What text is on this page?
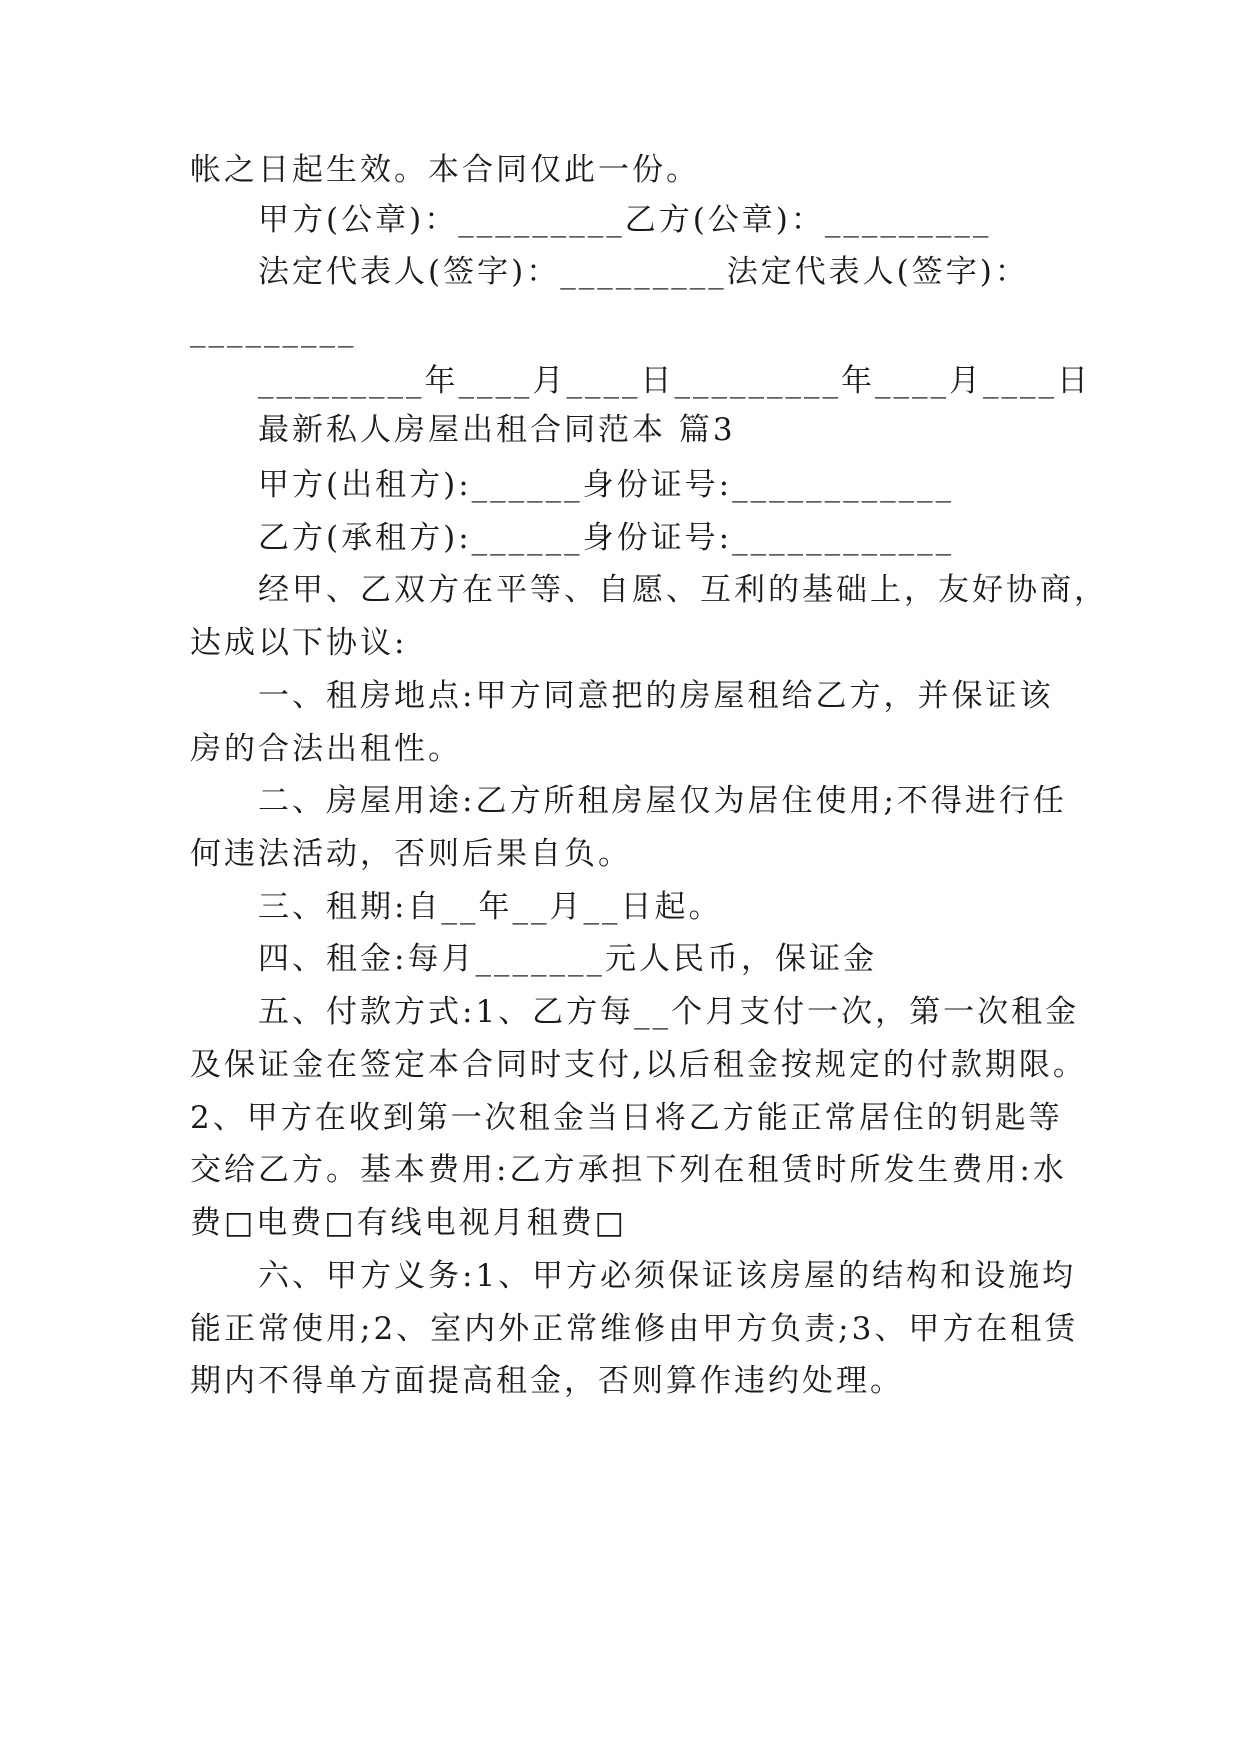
帐之日起生效。本合同仅此一份。
甲方(公章)：_________乙方(公章)：_________
法定代表人(签字)：_________法定代表人(签字)：
_________
_________年____月____日_________年____月____日
最新私人房屋出租合同范本 篇3
甲方(出租方):______身份证号:____________
乙方(承租方):______身份证号:____________
经甲、乙双方在平等、自愿、互利的基础上，友好协商，
达成以下协议:
一、租房地点:甲方同意把的房屋租给乙方，并保证该
房的合法出租性。
二、房屋用途:乙方所租房屋仅为居住使用;不得进行任
何违法活动，否则后果自负。
三、租期:自__年__月__日起。
四、租金:每月_______元人民币，保证金
五、付款方式:1、乙方每__个月支付一次，第一次租金
及保证金在签定本合同时支付,以后租金按规定的付款期限。
2、甲方在收到第一次租金当日将乙方能正常居住的钥匙等
交给乙方。基本费用:乙方承担下列在租赁时所发生费用:水
费□电费□有线电视月租费□
六、甲方义务:1、甲方必须保证该房屋的结构和设施均
能正常使用;2、室内外正常维修由甲方负责;3、甲方在租赁
期内不得单方面提高租金，否则算作违约处理。
